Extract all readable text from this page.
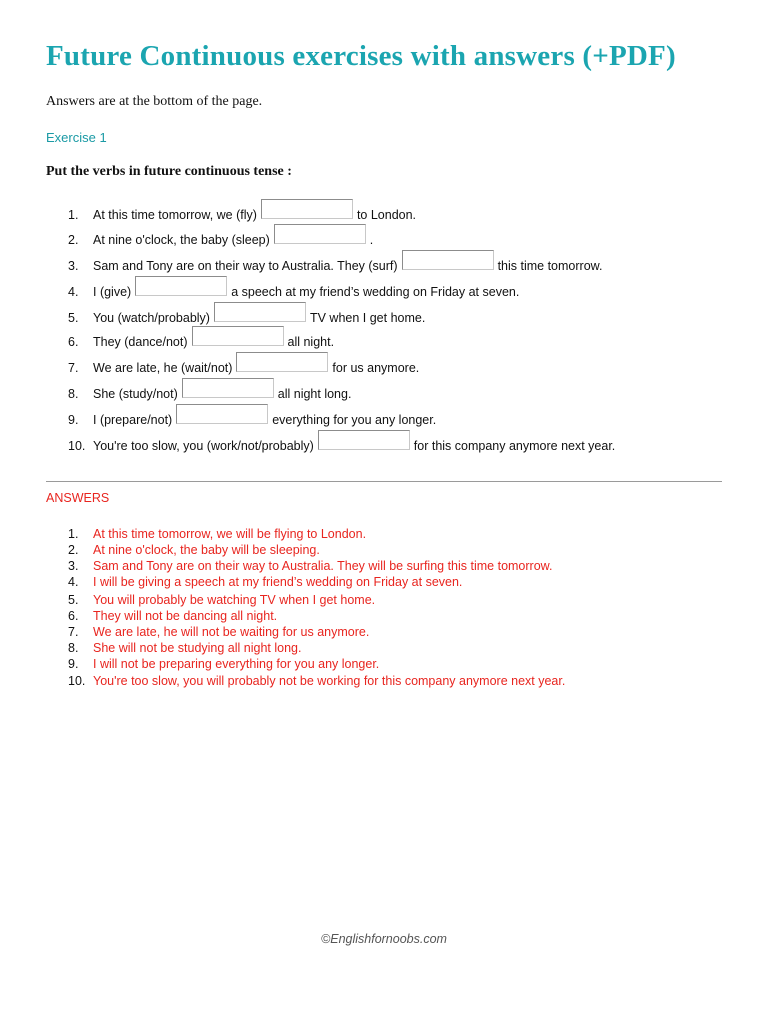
Future Continuous exercises with answers (+PDF)

Answers are at the bottom of the page.

Exercise 1

Put the verbs in future continuous tense :

1. At this time tomorrow, we (fly)	to London.
2. At nine o'clock, the baby (sleep)	.
3. Sam and Tony are on their way to Australia. They (surf)	this time tomorrow.
4. I (give)	a speech at my friend’s wedding on Friday at seven.
5. You (watch/probably)	TV when I get home.
6. They (dance/not)	all night.
7. We are late, he (wait/not)	for us anymore.
8. She (study/not)	all night long.
9. I (prepare/not)	everything for you any longer.
10. You're too slow, you (work/not/probably)	for this company anymore next year.

ANSWERS

1. At this time tomorrow, we will be flying to London.
2. At nine o'clock, the baby will be sleeping.
3. Sam and Tony are on their way to Australia. They will be surfing this time tomorrow.
4. I will be giving a speech at my friend’s wedding on Friday at seven.
5. You will probably be watching TV when I get home.
6. They will not be dancing all night.
7. We are late, he will not be waiting for us anymore.
8. She will not be studying all night long.
9. I will not be preparing everything for you any longer.
10. You're too slow, you will probably not be working for this company anymore next year.
©Englishfornoobs.com
